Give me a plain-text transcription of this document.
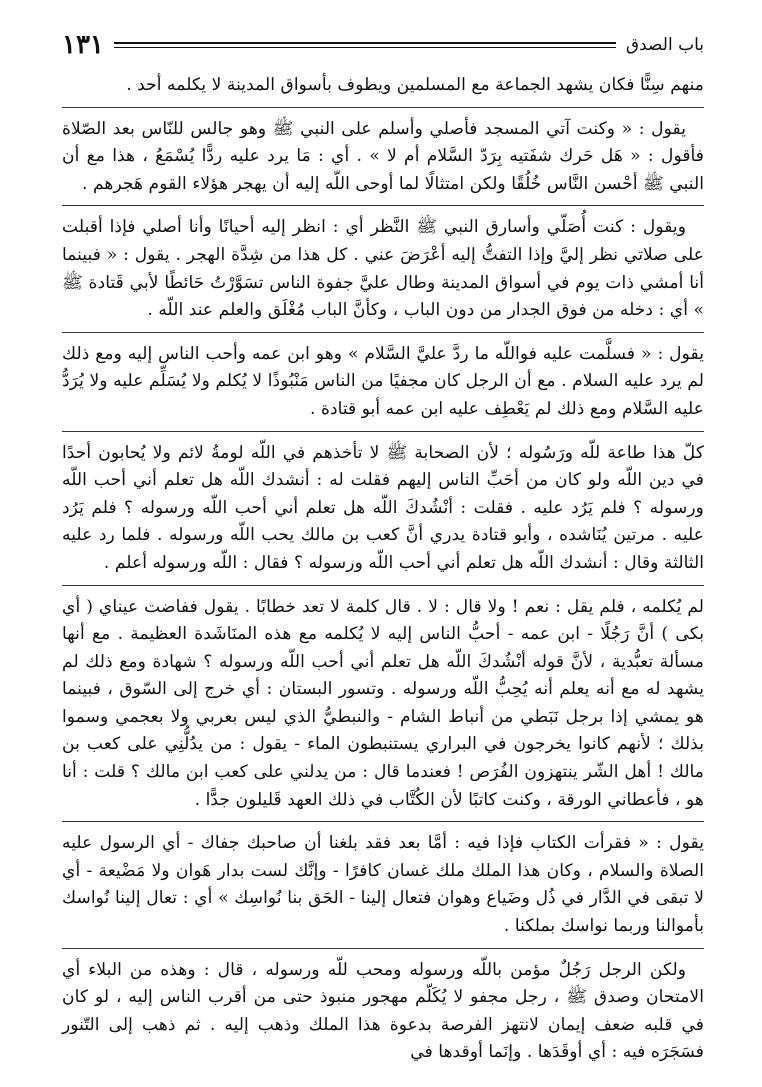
باب الصدق
١٣١

منهم سِنًّا فكان يشهد الجماعة مع المسلمين ويطوف بأسواق المدينة لا يكلمه أحد .

يقول : « وكنت آتي المسجد فأصلي وأسلم على النبي ﷺ وهو جالس للنّاس بعد الصّلاة فأقول : « هَل حَرك شفَتيه بِرَدّ السَّلام أم لا » . أي : مَا يرد عليه ردًّا يُسْمَعُ ، هذا مع أن النبي ﷺ أحْسن النَّاس خُلُقًا ولكن امتثالًا لما أوحى اللّه إليه أن يهجر هؤلاء القوم هَجرهم .

ويقول : كنت أُصَلّي وأسارق النبي ﷺ النَّظر أي : انظر إليه أحيانًا وأنا أصلي فإذا أقبلت على صلاتي نظر إليَّ وإذا التفتُّ إليه أعْرَضَ عني . كل هذا من شِدَّة الهجر . يقول : « فبينما أنا أمشي ذات يوم في أسواق المدينة وطال عليَّ جفوة الناس تسَوَّرْتُ حَائطًا لأبي قَتادة ﷺ » أي : دخله من فوق الجدار من دون الباب ، وكأنَّ الباب مُغْلَق والعلم عند اللّه .

يقول : « فسلَّمت عليه فواللّه ما ردَّ عليَّ السَّلام » وهو ابن عمه وأحب الناس إليه ومع ذلك لم يرد عليه السلام . مع أن الرجل كان مجفيًا من الناس مَنْبُوذًا لا يُكلم ولا يُسَلِّم عليه ولا يُرَدُّ عليه السَّلام ومع ذلك لم يَعْطِف عليه ابن عمه أبو قتادة .

كلّ هذا طاعة للّه ورَسُوله ؛ لأن الصحابة ﷺ لا تأخذهم في اللّه لومةُ لائم ولا يُحابون أحدًا في دين اللّه ولو كان من أحَبِّ الناس إليهم فقلت له : أنشدك اللّه هل تعلم أني أحب اللّه ورسوله ؟ فلم يَرُد عليه . فقلت : أنْشُدكَ اللّه هل تعلم أني أحب اللّه ورسوله ؟ فلم يَرُد عليه . مرتين يُنَاشده ، وأبو قتادة يدري أنَّ كعب بن مالك يحب اللّه ورسوله . فلما رد عليه الثالثة وقال : أنشدك اللّه هل تعلم أني أحب اللّه ورسوله ؟ فقال : اللّه ورسوله أعلم .

لم يُكلمه ، فلم يقل : نعم ! ولا قال : لا . قال كلمة لا تعد خطابًا . يقول ففاضت عيناي ( أي بكى ) أنَّ رَجُلًا - ابن عمه - أحبُّ الناس إليه لا يُكلمه مع هذه المنَاشَدة العظيمة . مع أنها مسألة تعبُّدية ، لأنَّ قوله أنْشُدكَ اللّه هل تعلم أني أحب اللّه ورسوله ؟ شهادة ومع ذلك لم يشهد له مع أنه يعلم أنه يُحِبُّ اللّه ورسوله . وتسور البستان : أي خرج إلى السّوق ، فبينما هو يمشي إذا برجل نَبَطي من أنباط الشام - والنبطيُّ الذي ليس بعربي ولا بعجمي وسموا بذلك ؛ لأنهم كانوا يخرجون في البراري يستنبطون الماء - يقول : من يدُلُّنِي على كعب بن مالك ! أهل الشّر ينتهزون الفُرَص ! فعندما قال : من يدلني على كعب ابن مالك ؟ قلت : أنا هو ، فأعطاني الورقة ، وكنت كاتبًا لأن الكُتَّاب في ذلك العهد قَليلون جدًّا .

يقول : « فقرأت الكتاب فإذا فيه : أمَّا بعد فقد بلغنا أن صاحبك جفاك - أي الرسول عليه الصلاة والسلام ، وكان هذا الملك ملك غسان كافرًا - وإنَّك لست بدار هَوان ولا مَضْيعة - أي لا تبقى في الدَّار في ذُل وضَياع وهوان فتعال إلينا - الحَق بنا نُواسِك » أي : تعال إلينا نُواسك بأموالنا وربما نواسك بملكنا .

ولكن الرجل رَجُلٌ مؤمن باللّه ورسوله ومحب للّه ورسوله ، قال : وهذه من البلاء أي الامتحان وصدق ﷺ ، رجل مجفو لا يُكَلّم مهجور منبوذ حتى من أقرب الناس إليه ، لو كان في قلبه ضعف إيمان لانتهز الفرصة بدعوة هذا الملك وذهب إليه . ثم ذهب إلى التّنور فسَجَرَه فيه : أي أوقَدَها . وإنَما أوقدها في
